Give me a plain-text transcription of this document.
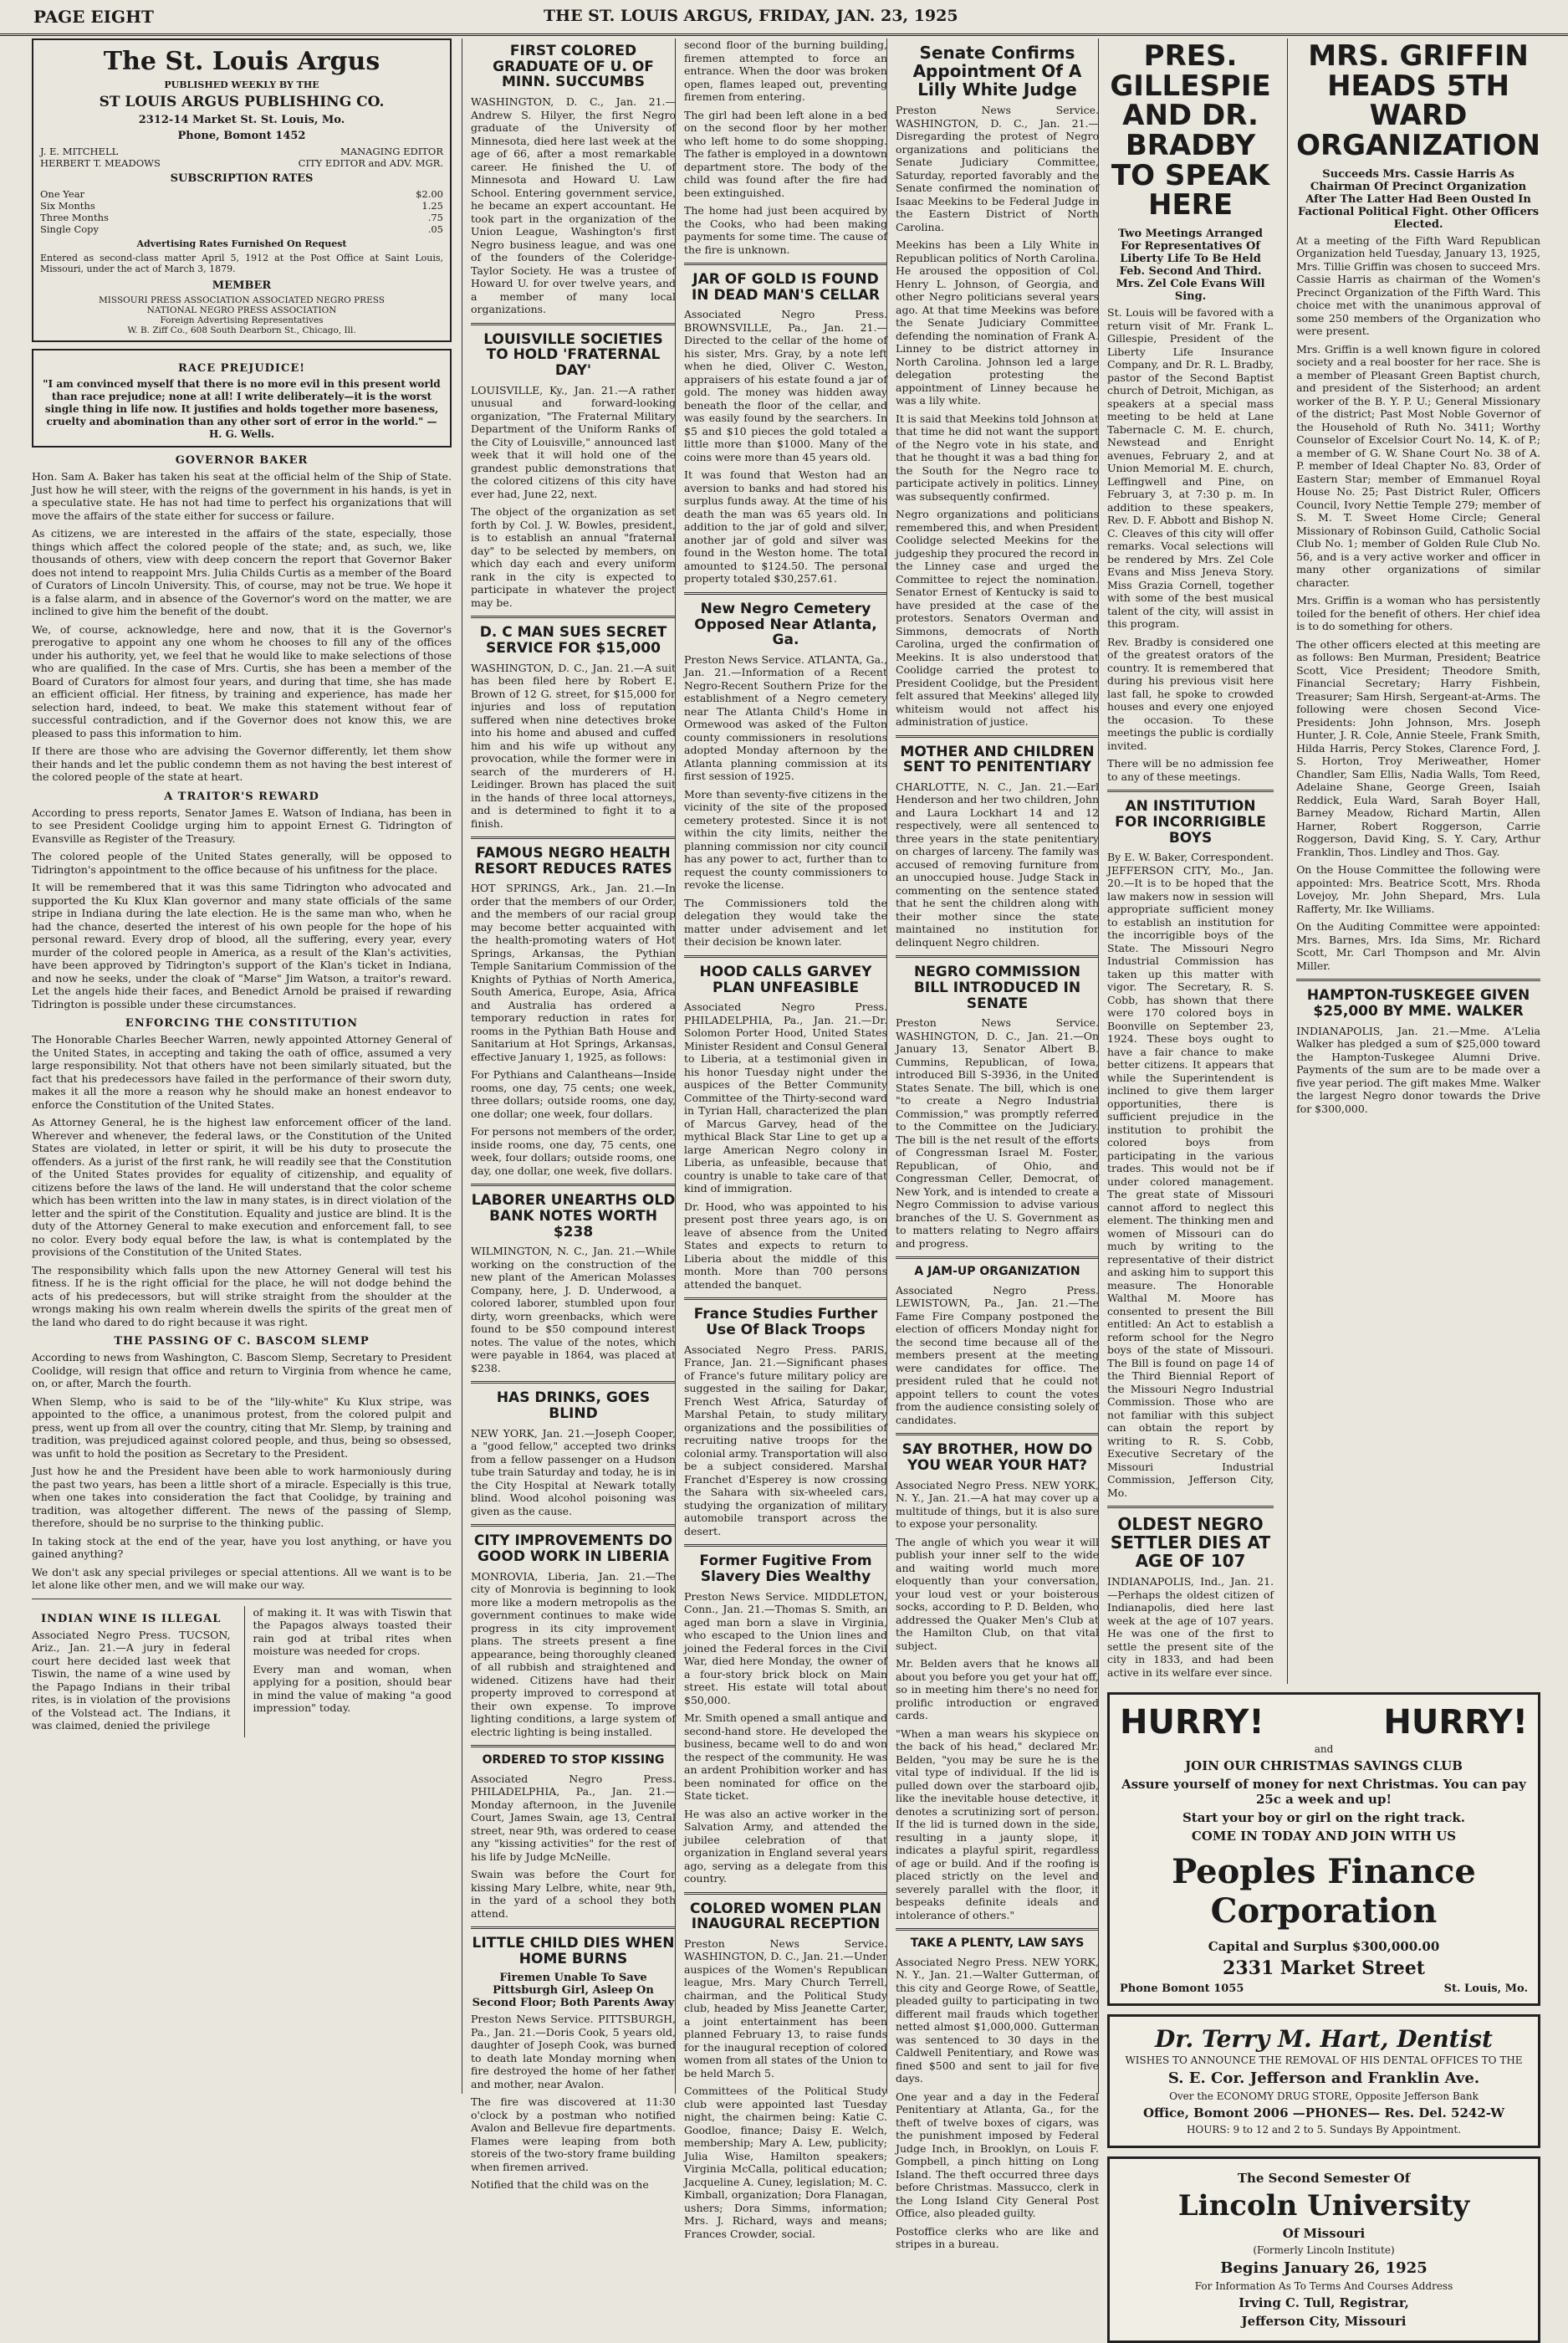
PAGE EIGHT	THE ST. LOUIS ARGUS, FRIDAY, JAN. 23, 1925
The St. Louis Argus
PUBLISHED WEEKLY BY THE
ST LOUIS ARGUS PUBLISHING CO.
2312-14 Market St. St. Louis, Mo.
Phone, Bomont 1452
J. E. MITCHELL	MANAGING EDITOR
HERBERT T. MEADOWS	CITY EDITOR and ADV. MGR.
SUBSCRIPTION RATES
One Year	$2.00
Six Months	1.25
Three Months	.75
Single Copy	.05
Advertising Rates Furnished On Request

Entered as second-class matter April 5, 1912 at the Post Office at Saint Louis, Missouri, under the act of March 3, 1879.

MEMBER
MISSOURI PRESS ASSOCIATION ASSOCIATED NEGRO PRESS
NATIONAL NEGRO PRESS ASSOCIATION
Foreign Advertising Representatives
W. B. Ziff Co., 608 South Dearborn St., Chicago, Ill.
RACE PREJUDICE!
"I am convinced myself that there is no more evil in this present world than race prejudice; none at all! I write deliberately—it is the worst single thing in life now. It justifies and holds together more baseness, cruelty and abomination than any other sort of error in the world." — H. G. Wells.
GOVERNOR BAKER

Hon. Sam A. Baker has taken his seat at the official helm of the Ship of State. Just how he will steer, with the reigns of the government in his hands, is yet in a speculative state. He has not had time to perfect his organizations that will move the affairs of the state either for success or failure.

As citizens, we are interested in the affairs of the state, especially, those things which affect the colored people of the state; and, as such, we, like thousands of others, view with deep concern the report that Governor Baker does not intend to reappoint Mrs. Julia Childs Curtis as a member of the Board of Curators of Lincoln University. This, of course, may not be true. We hope it is a false alarm, and in absence of the Governor's word on the matter, we are inclined to give him the benefit of the doubt.

We, of course, acknowledge, here and now, that it is the Governor's prerogative to appoint any one whom he chooses to fill any of the offices under his authority, yet, we feel that he would like to make selections of those who are qualified. In the case of Mrs. Curtis, she has been a member of the Board of Curators for almost four years, and during that time, she has made an efficient official. Her fitness, by training and experience, has made her selection hard, indeed, to beat. We make this statement without fear of successful contradiction, and if the Governor does not know this, we are pleased to pass this information to him.

If there are those who are advising the Governor differently, let them show their hands and let the public condemn them as not having the best interest of the colored people of the state at heart.

A TRAITOR'S REWARD

According to press reports, Senator James E. Watson of Indiana, has been in to see President Coolidge urging him to appoint Ernest G. Tidrington of Evansville as Register of the Treasury.

The colored people of the United States generally, will be opposed to Tidrington's appointment to the office because of his unfitness for the place.

It will be remembered that it was this same Tidrington who advocated and supported the Ku Klux Klan governor and many state officials of the same stripe in Indiana during the late election. He is the same man who, when he had the chance, deserted the interest of his own people for the hope of his personal reward. Every drop of blood, all the suffering, every year, every murder of the colored people in America, as a result of the Klan's activities, have been approved by Tidrington's support of the Klan's ticket in Indiana, and now he seeks, under the cloak of "Marse" Jim Watson, a traitor's reward. Let the angels hide their faces, and Benedict Arnold be praised if rewarding Tidrington is possible under these circumstances.

ENFORCING THE CONSTITUTION

The Honorable Charles Beecher Warren, newly appointed Attorney General of the United States, in accepting and taking the oath of office, assumed a very large responsibility. Not that others have not been similarly situated, but the fact that his predecessors have failed in the performance of their sworn duty, makes it all the more a reason why he should make an honest endeavor to enforce the Constitution of the United States.

As Attorney General, he is the highest law enforcement officer of the land. Wherever and whenever, the federal laws, or the Constitution of the United States are violated, in letter or spirit, it will be his duty to prosecute the offenders. As a jurist of the first rank, he will readily see that the Constitution of the United States provides for equality of citizenship, and equality of citizens before the laws of the land. He will understand that the color scheme which has been written into the law in many states, is in direct violation of the letter and the spirit of the Constitution. Equality and justice are blind. It is the duty of the Attorney General to make execution and enforcement fall, to see no color. Every body equal before the law, is what is contemplated by the provisions of the Constitution of the United States.

The responsibility which falls upon the new Attorney General will test his fitness. If he is the right official for the place, he will not dodge behind the acts of his predecessors, but will strike straight from the shoulder at the wrongs making his own realm wherein dwells the spirits of the great men of the land who dared to do right because it was right.

THE PASSING OF C. BASCOM SLEMP

According to news from Washington, C. Bascom Slemp, Secretary to President Coolidge, will resign that office and return to Virginia from whence he came, on, or after, March the fourth.

When Slemp, who is said to be of the "lily-white" Ku Klux stripe, was appointed to the office, a unanimous protest, from the colored pulpit and press, went up from all over the country, citing that Mr. Slemp, by training and tradition, was prejudiced against colored people, and thus, being so obsessed, was unfit to hold the position as Secretary to the President.

Just how he and the President have been able to work harmoniously during the past two years, has been a little short of a miracle. Especially is this true, when one takes into consideration the fact that Coolidge, by training and tradition, was altogether different. The news of the passing of Slemp, therefore, should be no surprise to the thinking public.

In taking stock at the end of the year, have you lost anything, or have you gained anything?

We don't ask any special privileges or special attentions. All we want is to be let alone like other men, and we will make our way.

INDIAN WINE IS ILLEGAL

Associated Negro Press. TUCSON, Ariz., Jan. 21.—A jury in federal court here decided last week that Tiswin, the name of a wine used by the Papago Indians in their tribal rites, is in violation of the provisions of the Volstead act. The Indians, it was claimed, denied the privilege

of making it. It was with Tiswin that the Papagos always toasted their rain god at tribal rites when moisture was needed for crops.

Every man and woman, when applying for a position, should bear in mind the value of making "a good impression" today.

FIRST COLORED GRADUATE OF U. OF MINN. SUCCUMBS

WASHINGTON, D. C., Jan. 21.—Andrew S. Hilyer, the first Negro graduate of the University of Minnesota, died here last week at the age of 66, after a most remarkable career. He finished the U. of Minnesota and Howard U. Law School. Entering government service, he became an expert accountant. He took part in the organization of the Union League, Washington's first Negro business league, and was one of the founders of the Coleridge-Taylor Society. He was a trustee of Howard U. for over twelve years, and a member of many local organizations.

LOUISVILLE SOCIETIES TO HOLD 'FRATERNAL DAY'

LOUISVILLE, Ky., Jan. 21.—A rather unusual and forward-looking organization, "The Fraternal Military Department of the Uniform Ranks of the City of Louisville," announced last week that it will hold one of the grandest public demonstrations that the colored citizens of this city have ever had, June 22, next.

The object of the organization as set forth by Col. J. W. Bowles, president, is to establish an annual "fraternal day" to be selected by members, on which day each and every uniform rank in the city is expected to participate in whatever the project may be.

D. C MAN SUES SECRET SERVICE FOR $15,000

WASHINGTON, D. C., Jan. 21.—A suit has been filed here by Robert E. Brown of 12 G. street, for $15,000 for injuries and loss of reputation suffered when nine detectives broke into his home and abused and cuffed him and his wife up without any provocation, while the former were in search of the murderers of H. Leidinger. Brown has placed the suit in the hands of three local attorneys, and is determined to fight it to a finish.

FAMOUS NEGRO HEALTH RESORT REDUCES RATES

HOT SPRINGS, Ark., Jan. 21.—In order that the members of our Order, and the members of our racial group may become better acquainted with the health-promoting waters of Hot Springs, Arkansas, the Pythian Temple Sanitarium Commission of the Knights of Pythias of North America, South America, Europe, Asia, Africa and Australia has ordered a temporary reduction in rates for rooms in the Pythian Bath House and Sanitarium at Hot Springs, Arkansas, effective January 1, 1925, as follows:

For Pythians and Calantheans—Inside rooms, one day, 75 cents; one week, three dollars; outside rooms, one day, one dollar; one week, four dollars.

For persons not members of the order, inside rooms, one day, 75 cents, one week, four dollars; outside rooms, one day, one dollar, one week, five dollars.

LABORER UNEARTHS OLD BANK NOTES WORTH $238

WILMINGTON, N. C., Jan. 21.—While working on the construction of the new plant of the American Molasses Company, here, J. D. Underwood, a colored laborer, stumbled upon four dirty, worn greenbacks, which were found to be $50 compound interest notes. The value of the notes, which were payable in 1864, was placed at $238.

HAS DRINKS, GOES BLIND

NEW YORK, Jan. 21.—Joseph Cooper, a "good fellow," accepted two drinks from a fellow passenger on a Hudson tube train Saturday and today, he is in the City Hospital at Newark totally blind. Wood alcohol poisoning was given as the cause.

CITY IMPROVEMENTS DO GOOD WORK IN LIBERIA

MONROVIA, Liberia, Jan. 21.—The city of Monrovia is beginning to look more like a modern metropolis as the government continues to make wide progress in its city improvement plans. The streets present a fine appearance, being thoroughly cleaned of all rubbish and straightened and widened. Citizens have had their property improved to correspond at their own expense. To improve lighting conditions, a large system of electric lighting is being installed.

ORDERED TO STOP KISSING

Associated Negro Press. PHILADELPHIA, Pa., Jan. 21.—Monday afternoon, in the Juvenile Court, James Swain, age 13, Central street, near 9th, was ordered to cease any "kissing activities" for the rest of his life by Judge McNeille.

Swain was before the Court for kissing Mary Lelbre, white, near 9th, in the yard of a school they both attend.

LITTLE CHILD DIES WHEN HOME BURNS
Firemen Unable To Save Pittsburgh Girl, Asleep On Second Floor; Both Parents Away

Preston News Service. PITTSBURGH, Pa., Jan. 21.—Doris Cook, 5 years old, daughter of Joseph Cook, was burned to death late Monday morning when fire destroyed the home of her father and mother, near Avalon.

The fire was discovered at 11:30 o'clock by a postman who notified Avalon and Bellevue fire departments. Flames were leaping from both storeis of the two-story frame building when firemen arrived.

Notified that the child was on the

second floor of the burning building, firemen attempted to force an entrance. When the door was broken open, flames leaped out, preventing firemen from entering.

The girl had been left alone in a bed on the second floor by her mother who left home to do some shopping. The father is employed in a downtown department store. The body of the child was found after the fire had been extinguished.

The home had just been acquired by the Cooks, who had been making payments for some time. The cause of the fire is unknown.

JAR OF GOLD IS FOUND IN DEAD MAN'S CELLAR

Associated Negro Press. BROWNSVILLE, Pa., Jan. 21.—Directed to the cellar of the home of his sister, Mrs. Gray, by a note left when he died, Oliver C. Weston, appraisers of his estate found a jar of gold. The money was hidden away beneath the floor of the cellar, and was easily found by the searchers. In $5 and $10 pieces the gold totaled a little more than $1000. Many of the coins were more than 45 years old.

It was found that Weston had an aversion to banks and had stored his surplus funds away. At the time of his death the man was 65 years old. In addition to the jar of gold and silver, another jar of gold and silver was found in the Weston home. The total amounted to $124.50. The personal property totaled $30,257.61.

New Negro Cemetery Opposed Near Atlanta, Ga.

Preston News Service. ATLANTA, Ga., Jan. 21.—Information of a Recent Negro-Recent Southern Prize for the establishment of a Negro cemetery near The Atlanta Child's Home in Ormewood was asked of the Fulton county commissioners in resolutions adopted Monday afternoon by the Atlanta planning commission at its first session of 1925.

More than seventy-five citizens in the vicinity of the site of the proposed cemetery protested. Since it is not within the city limits, neither the planning commission nor city council has any power to act, further than to request the county commissioners to revoke the license.

The Commissioners told the delegation they would take the matter under advisement and let their decision be known later.

HOOD CALLS GARVEY PLAN UNFEASIBLE

Associated Negro Press. PHILADELPHIA, Pa., Jan. 21.—Dr. Solomon Porter Hood, United States Minister Resident and Consul General to Liberia, at a testimonial given in his honor Tuesday night under the auspices of the Better Community Committee of the Thirty-second ward in Tyrian Hall, characterized the plan of Marcus Garvey, head of the mythical Black Star Line to get up a large American Negro colony in Liberia, as unfeasible, because that country is unable to take care of that kind of immigration.

Dr. Hood, who was appointed to his present post three years ago, is on leave of absence from the United States and expects to return to Liberia about the middle of this month. More than 700 persons attended the banquet.

France Studies Further Use Of Black Troops

Associated Negro Press. PARIS, France, Jan. 21.—Significant phases of France's future military policy are suggested in the sailing for Dakar, French West Africa, Saturday of Marshal Petain, to study military organizations and the possibilities of recruiting native troops for the colonial army. Transportation will also be a subject considered. Marshal Franchet d'Esperey is now crossing the Sahara with six-wheeled cars, studying the organization of military automobile transport across the desert.

Former Fugitive From Slavery Dies Wealthy

Preston News Service. MIDDLETON, Conn., Jan. 21.—Thomas S. Smith, an aged man born a slave in Virginia, who escaped to the Union lines and joined the Federal forces in the Civil War, died here Monday, the owner of a four-story brick block on Main street. His estate will total about $50,000.

Mr. Smith opened a small antique and second-hand store. He developed the business, became well to do and won the respect of the community. He was an ardent Prohibition worker and has been nominated for office on the State ticket.

He was also an active worker in the Salvation Army, and attended the jubilee celebration of that organization in England several years ago, serving as a delegate from this country.

COLORED WOMEN PLAN INAUGURAL RECEPTION

Preston News Service. WASHINGTON, D. C., Jan. 21.—Under auspices of the Women's Republican league, Mrs. Mary Church Terrell, chairman, and the Political Study club, headed by Miss Jeanette Carter, a joint entertainment has been planned February 13, to raise funds for the inaugural reception of colored women from all states of the Union to be held March 5.

Committees of the Political Study club were appointed last Tuesday night, the chairmen being: Katie C. Goodloe, finance; Daisy E. Welch, membership; Mary A. Lew, publicity; Julia Wise, Hamilton speakers; Virginia McCalla, political education; Jacqueline A. Cuney, legislation; M. C. Kimball, organization; Dora Flanagan, ushers; Dora Simms, information; Mrs. J. Richard, ways and means; Frances Crowder, social.

Senate Confirms Appointment Of A Lilly White Judge

Preston News Service. WASHINGTON, D. C., Jan. 21.—Disregarding the protest of Negro organizations and politicians the Senate Judiciary Committee, Saturday, reported favorably and the Senate confirmed the nomination of Isaac Meekins to be Federal Judge in the Eastern District of North Carolina.

Meekins has been a Lily White in Republican politics of North Carolina. He aroused the opposition of Col. Henry L. Johnson, of Georgia, and other Negro politicians several years ago. At that time Meekins was before the Senate Judiciary Committee defending the nomination of Frank A. Linney to be district attorney in North Carolina. Johnson led a large delegation protesting the appointment of Linney because he was a lily white.

It is said that Meekins told Johnson at that time he did not want the support of the Negro vote in his state, and that he thought it was a bad thing for the South for the Negro race to participate actively in politics. Linney was subsequently confirmed.

Negro organizations and politicians remembered this, and when President Coolidge selected Meekins for the judgeship they procured the record in the Linney case and urged the Committee to reject the nomination. Senator Ernest of Kentucky is said to have presided at the case of the protestors. Senators Overman and Simmons, democrats of North Carolina, urged the confirmation of Meekins. It is also understood that Coolidge carried the protest to President Coolidge, but the President felt assured that Meekins' alleged lily whiteism would not affect his administration of justice.

MOTHER AND CHILDREN SENT TO PENITENTIARY

CHARLOTTE, N. C., Jan. 21.—Earl Henderson and her two children, John and Laura Lockhart 14 and 12 respectively, were all sentenced to three years in the state penitentiary on charges of larceny. The family was accused of removing furniture from an unoccupied house. Judge Stack in commenting on the sentence stated that he sent the children along with their mother since the state maintained no institution for delinquent Negro children.

NEGRO COMMISSION BILL INTRODUCED IN SENATE

Preston News Service. WASHINGTON, D. C., Jan. 21.—On January 13, Senator Albert B. Cummins, Republican, of Iowa, introduced Bill S-3936, in the United States Senate. The bill, which is one "to create a Negro Industrial Commission," was promptly referred to the Committee on the Judiciary. The bill is the net result of the efforts of Congressman Israel M. Foster, Republican, of Ohio, and Congressman Celler, Democrat, of New York, and is intended to create a Negro Commission to advise various branches of the U. S. Government as to matters relating to Negro affairs and progress.

A JAM-UP ORGANIZATION

Associated Negro Press. LEWISTOWN, Pa., Jan. 21.—The Fame Fire Company postponed the election of officers Monday night for the second time because all of the members present at the meeting were candidates for office. The president ruled that he could not appoint tellers to count the votes from the audience consisting solely of candidates.

SAY BROTHER, HOW DO YOU WEAR YOUR HAT?

Associated Negro Press. NEW YORK, N. Y., Jan. 21.—A hat may cover up a multitude of things, but it is also sure to expose your personality.

The angle of which you wear it will publish your inner self to the wide and waiting world much more eloquently than your conversation, your loud vest or your boisterous socks, according to P. D. Belden, who addressed the Quaker Men's Club at the Hamilton Club, on that vital subject.

Mr. Belden avers that he knows all about you before you get your hat off, so in meeting him there's no need for prolific introduction or engraved cards.

"When a man wears his skypiece on the back of his head," declared Mr. Belden, "you may be sure he is the vital type of individual. If the lid is pulled down over the starboard ojib, like the inevitable house detective, it denotes a scrutinizing sort of person. If the lid is turned down in the side, resulting in a jaunty slope, it indicates a playful spirit, regardless of age or build. And if the roofing is placed strictly on the level and severely parallel with the floor, it bespeaks definite ideals and intolerance of others."

TAKE A PLENTY, LAW SAYS

Associated Negro Press. NEW YORK, N. Y., Jan. 21.—Walter Gutterman, of this city and George Rowe, of Seattle, pleaded guilty to participating in two different mail frauds which together netted almost $1,000,000. Gutterman was sentenced to 30 days in the Caldwell Penitentiary, and Rowe was fined $500 and sent to jail for five days.

One year and a day in the Federal Penitentiary at Atlanta, Ga., for the theft of twelve boxes of cigars, was the punishment imposed by Federal Judge Inch, in Brooklyn, on Louis F. Gompbell, a pinch hitting on Long Island. The theft occurred three days before Christmas. Massucco, clerk in the Long Island City General Post Office, also pleaded guilty.

Postoffice clerks who are like and stripes in a bureau.

PRES. GILLESPIE AND DR. BRADBY TO SPEAK HERE
Two Meetings Arranged For Representatives Of Liberty Life To Be Held Feb. Second And Third. Mrs. Zel Cole Evans Will Sing.

St. Louis will be favored with a return visit of Mr. Frank L. Gillespie, President of the Liberty Life Insurance Company, and Dr. R. L. Bradby, pastor of the Second Baptist church of Detroit, Michigan, as speakers at a special mass meeting to be held at Lane Tabernacle C. M. E. church, Newstead and Enright avenues, February 2, and at Union Memorial M. E. church, Leffingwell and Pine, on February 3, at 7:30 p. m. In addition to these speakers, Rev. D. F. Abbott and Bishop N. C. Cleaves of this city will offer remarks. Vocal selections will be rendered by Mrs. Zel Cole Evans and Miss Jeneva Story. Miss Grazia Cornell, together with some of the best musical talent of the city, will assist in this program.

Rev. Bradby is considered one of the greatest orators of the country. It is remembered that during his previous visit here last fall, he spoke to crowded houses and every one enjoyed the occasion. To these meetings the public is cordially invited.

There will be no admission fee to any of these meetings.

AN INSTITUTION FOR INCORRIGIBLE BOYS

By E. W. Baker, Correspondent. JEFFERSON CITY, Mo., Jan. 20.—It is to be hoped that the law makers now in session will appropriate sufficient money to establish an institution for the incorrigible boys of the State. The Missouri Negro Industrial Commission has taken up this matter with vigor. The Secretary, R. S. Cobb, has shown that there were 170 colored boys in Boonville on September 23, 1924. These boys ought to have a fair chance to make better citizens. It appears that while the Superintendent is inclined to give them larger opportunities, there is sufficient prejudice in the institution to prohibit the colored boys from participating in the various trades. This would not be if under colored management. The great state of Missouri cannot afford to neglect this element. The thinking men and women of Missouri can do much by writing to the representative of their district and asking him to support this measure. The Honorable Walthal M. Moore has consented to present the Bill entitled: An Act to establish a reform school for the Negro boys of the state of Missouri. The Bill is found on page 14 of the Third Biennial Report of the Missouri Negro Industrial Commission. Those who are not familiar with this subject can obtain the report by writing to R. S. Cobb, Executive Secretary of the Missouri Industrial Commission, Jefferson City, Mo.

OLDEST NEGRO SETTLER DIES AT AGE OF 107

INDIANAPOLIS, Ind., Jan. 21.—Perhaps the oldest citizen of Indianapolis, died here last week at the age of 107 years. He was one of the first to settle the present site of the city in 1833, and had been active in its welfare ever since.

MRS. GRIFFIN HEADS 5TH WARD ORGANIZATION
Succeeds Mrs. Cassie Harris As Chairman Of Precinct Organization After The Latter Had Been Ousted In Factional Political Fight. Other Officers Elected.

At a meeting of the Fifth Ward Republican Organization held Tuesday, January 13, 1925, Mrs. Tillie Griffin was chosen to succeed Mrs. Cassie Harris as chairman of the Women's Precinct Organization of the Fifth Ward. This choice met with the unanimous approval of some 250 members of the Organization who were present.

Mrs. Griffin is a well known figure in colored society and a real booster for her race. She is a member of Pleasant Green Baptist church, and president of the Sisterhood; an ardent worker of the B. Y. P. U.; General Missionary of the district; Past Most Noble Governor of the Household of Ruth No. 3411; Worthy Counselor of Excelsior Court No. 14, K. of P.; a member of G. W. Shane Court No. 38 of A. P. member of Ideal Chapter No. 83, Order of Eastern Star; member of Emmanuel Royal House No. 25; Past District Ruler, Officers Council, Ivory Nettie Temple 279; member of S. M. T. Sweet Home Circle; General Missionary of Robinson Guild, Catholic Social Club No. 1; member of Golden Rule Club No. 56, and is a very active worker and officer in many other organizations of similar character.

Mrs. Griffin is a woman who has persistently toiled for the benefit of others. Her chief idea is to do something for others.

The other officers elected at this meeting are as follows: Ben Murman, President; Beatrice Scott, Vice President; Theodore Smith, Financial Secretary; Harry Fishbein, Treasurer; Sam Hirsh, Sergeant-at-Arms. The following were chosen Second Vice-Presidents: John Johnson, Mrs. Joseph Hunter, J. R. Cole, Annie Steele, Frank Smith, Hilda Harris, Percy Stokes, Clarence Ford, J. S. Horton, Troy Meriweather, Homer Chandler, Sam Ellis, Nadia Walls, Tom Reed, Adelaine Shane, George Green, Isaiah Reddick, Eula Ward, Sarah Boyer Hall, Barney Meadow, Richard Martin, Allen Harner, Robert Roggerson, Carrie Roggerson, David King, S. Y. Cary, Arthur Franklin, Thos. Lindley and Thos. Gay.

On the House Committee the following were appointed: Mrs. Beatrice Scott, Mrs. Rhoda Lovejoy, Mr. John Shepard, Mrs. Lula Rafferty, Mr. Ike Williams.

On the Auditing Committee were appointed: Mrs. Barnes, Mrs. Ida Sims, Mr. Richard Scott, Mr. Carl Thompson and Mr. Alvin Miller.

HAMPTON-TUSKEGEE GIVEN $25,000 BY MME. WALKER

INDIANAPOLIS, Jan. 21.—Mme. A'Lelia Walker has pledged a sum of $25,000 toward the Hampton-Tuskegee Alumni Drive. Payments of the sum are to be made over a five year period. The gift makes Mme. Walker the largest Negro donor towards the Drive for $300,000.

HURRY!	HURRY!
and
JOIN OUR CHRISTMAS SAVINGS CLUB
Assure yourself of money for next Christmas. You can pay 25c a week and up!
Start your boy or girl on the right track.
COME IN TODAY AND JOIN WITH US
Peoples Finance Corporation
Capital and Surplus $300,000.00
2331 Market Street
Phone Bomont 1055	St. Louis, Mo.
Dr. Terry M. Hart, Dentist
WISHES TO ANNOUNCE THE REMOVAL OF HIS DENTAL OFFICES TO THE
S. E. Cor. Jefferson and Franklin Ave.
Over the ECONOMY DRUG STORE, Opposite Jefferson Bank
Office, Bomont 2006 —PHONES— Res. Del. 5242-W
HOURS: 9 to 12 and 2 to 5. Sundays By Appointment.
The Second Semester Of
Lincoln University
Of Missouri
(Formerly Lincoln Institute)
Begins January 26, 1925
For Information As To Terms And Courses Address
Irving C. Tull, Registrar,
Jefferson City, Missouri
